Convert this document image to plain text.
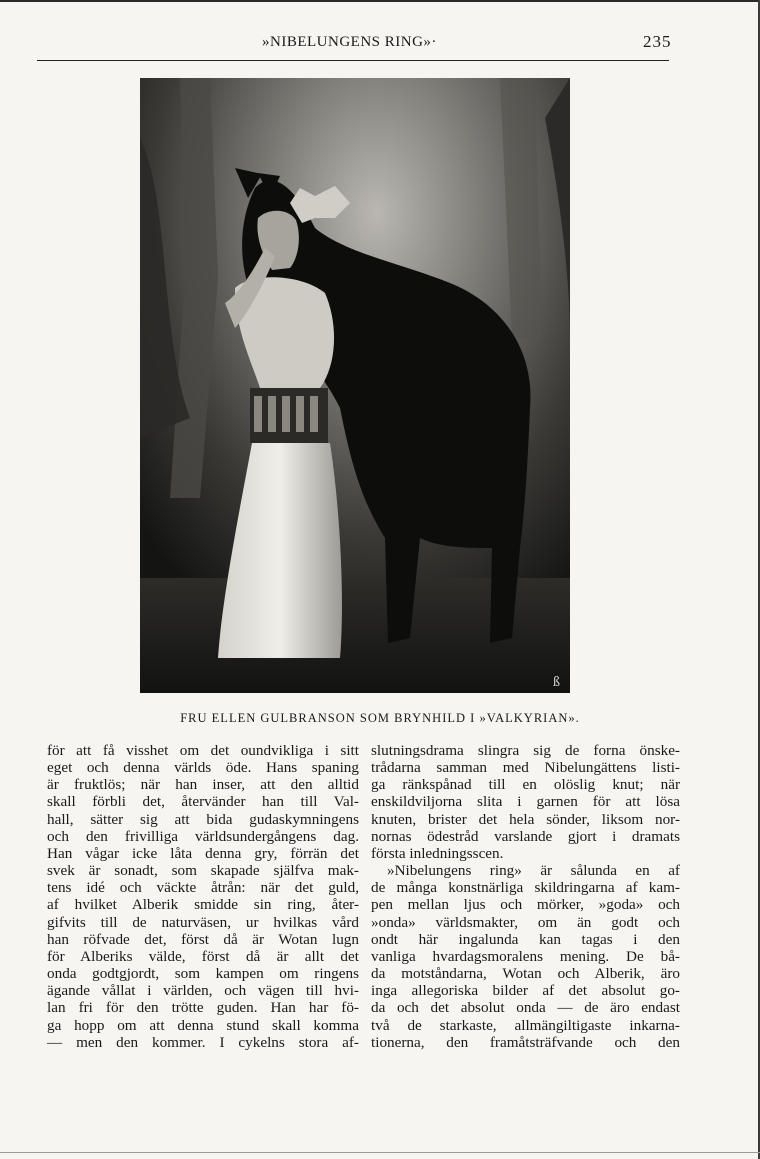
»NIBELUNGENS RING»·	235
ß
FRU ELLEN GULBRANSON SOM BRYNHILD I »VALKYRIAN».

för att få visshet om det oundvikliga i sitt
eget och denna världs öde. Hans spaning
är fruktlös; när han inser, att den alltid
skall förbli det, återvänder han till Val-
hall, sätter sig att bida gudaskymningens
och den frivilliga världsundergångens dag.
Han vågar icke låta denna gry, förrän det
svek är sonadt, som skapade själfva mak-
tens idé och väckte åtrån: när det guld,
af hvilket Alberik smidde sin ring, åter-
gifvits till de naturväsen, ur hvilkas vård
han röfvade det, först då är Wotan lugn
för Alberiks välde, först då är allt det
onda godtgjordt, som kampen om ringens
ägande vållat i världen, och vägen till hvi-
lan fri för den trötte guden. Han har fö-
ga hopp om att denna stund skall komma
— men den kommer. I cykelns stora af-

slutningsdrama slingra sig de forna önske-
trådarna samman med Nibelungättens listi-
ga ränkspånad till en olöslig knut; när
enskildviljorna slita i garnen för att lösa
knuten, brister det hela sönder, liksom nor-
nornas ödestråd varslande gjort i dramats
första inledningsscen.

»Nibelungens ring» är sålunda en af
de många konstnärliga skildringarna af kam-
pen mellan ljus och mörker, »goda» och
»onda» världsmakter, om än godt och
ondt här ingalunda kan tagas i den
vanliga hvardagsmoralens mening. De bå-
da motståndarna, Wotan och Alberik, äro
inga allegoriska bilder af det absolut go-
da och det absolut onda — de äro endast
två de starkaste, allmängiltigaste inkarna-
tionerna, den framåtsträfvande och den
